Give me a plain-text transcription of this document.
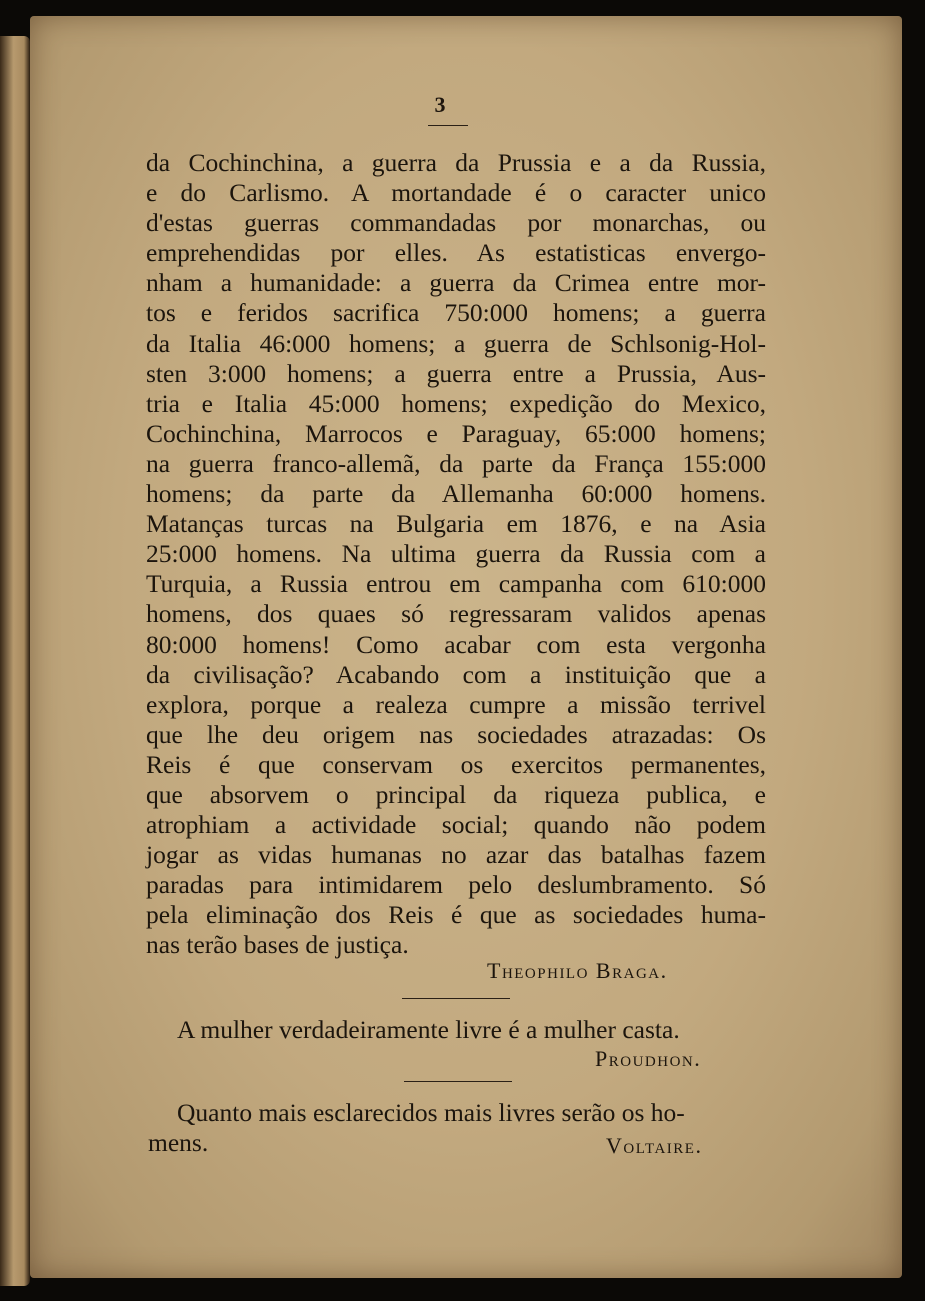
3
da Cochinchina, a guerra da Prussia e a da Russia,
e do Carlismo. A mortandade é o caracter unico
d'estas guerras commandadas por monarchas, ou
emprehendidas por elles. As estatisticas envergo-
nham a humanidade: a guerra da Crimea entre mor-
tos e feridos sacrifica 750:000 homens; a guerra
da Italia 46:000 homens; a guerra de Schlsonig-Hol-
sten 3:000 homens; a guerra entre a Prussia, Aus-
tria e Italia 45:000 homens; expedição do Mexico,
Cochinchina, Marrocos e Paraguay, 65:000 homens;
na guerra franco-allemã, da parte da França 155:000
homens; da parte da Allemanha 60:000 homens.
Matanças turcas na Bulgaria em 1876, e na Asia
25:000 homens. Na ultima guerra da Russia com a
Turquia, a Russia entrou em campanha com 610:000
homens, dos quaes só regressaram validos apenas
80:000 homens! Como acabar com esta vergonha
da civilisação? Acabando com a instituição que a
explora, porque a realeza cumpre a missão terrivel
que lhe deu origem nas sociedades atrazadas: Os
Reis é que conservam os exercitos permanentes,
que absorvem o principal da riqueza publica, e
atrophiam a actividade social; quando não podem
jogar as vidas humanas no azar das batalhas fazem
paradas para intimidarem pelo deslumbramento. Só
pela eliminação dos Reis é que as sociedades huma-
nas terão bases de justiça.
Theophilo Braga.
A mulher verdadeiramente livre é a mulher casta.
Proudhon.
Quanto mais esclarecidos mais livres serão os ho-
mens.	Voltaire.
